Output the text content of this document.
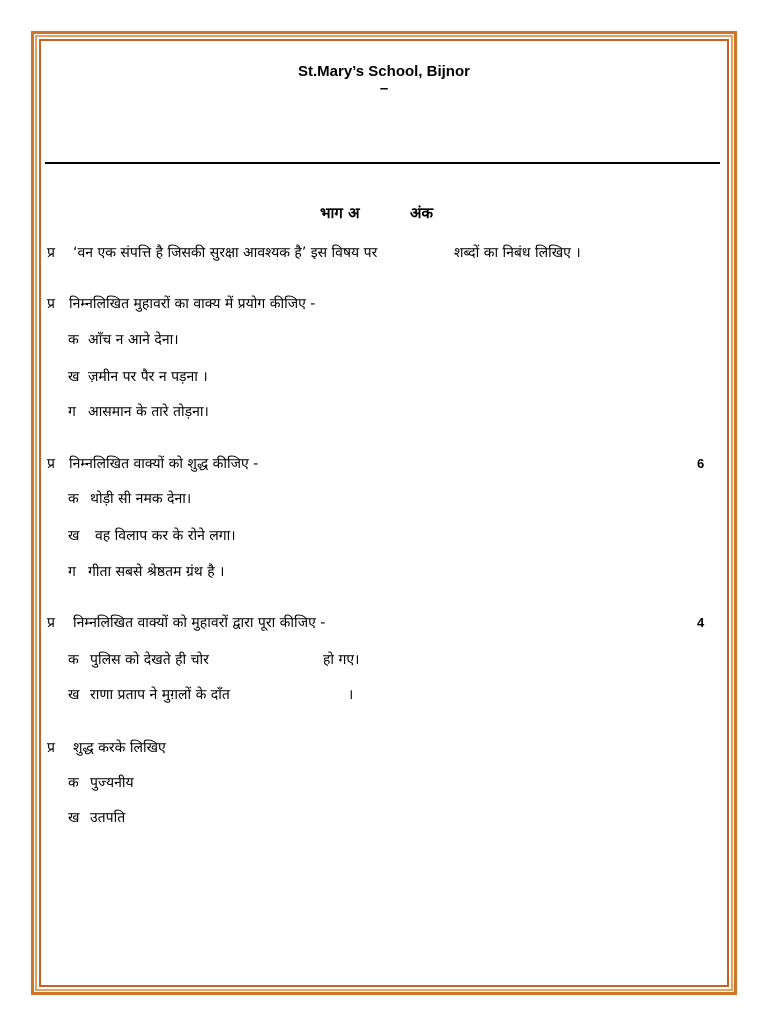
St.Mary’s School, Bijnor
–
भाग अ	अंक
प्र ‘वन एक संपत्ति है जिसकी सुरक्षा आवश्यक है’ इस विषय पर	शब्दों का निबंध लिखिए ।
प्र निम्नलिखित मुहावरों का वाक्य में प्रयोग कीजिए -
क आँच न आने देना।
ख ज़मीन पर पैर न पड़ना ।
ग आसमान के तारे तोड़ना।
प्र निम्नलिखित वाक्यों को शुद्ध कीजिए -	6
क थोड़ी सी नमक देना।
ख वह विलाप कर के रोने लगा।
ग गीता सबसे श्रेष्ठतम ग्रंथ है ।
प्र निम्नलिखित वाक्यों को मुहावरों द्वारा पूरा कीजिए -	4
क पुलिस को देखते ही चोर	हो गए।
ख राणा प्रताप ने मुग़लों के दाँत	।
प्र शुद्ध करके लिखिए
क पुज्यनीय
ख उतपति
